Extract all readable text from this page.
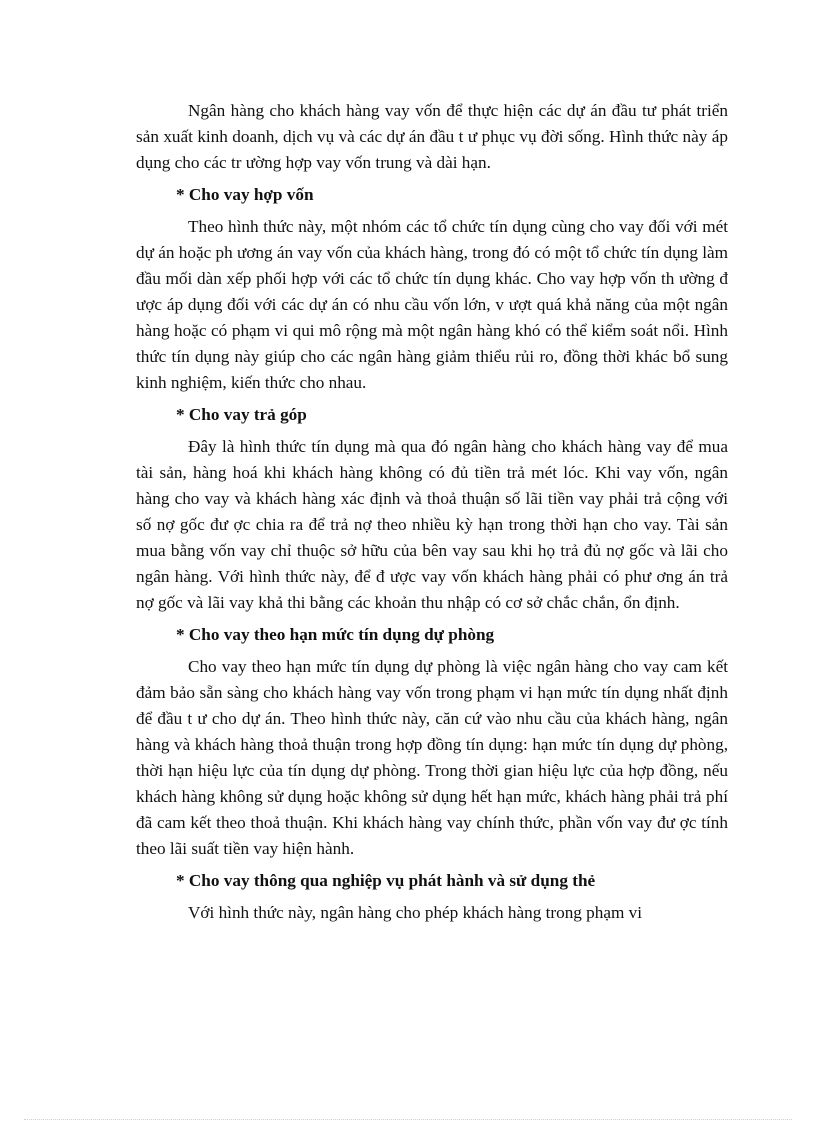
Ngân hàng cho khách hàng vay vốn để thực hiện các dự án đầu tư phát triển sản xuất kinh doanh, dịch vụ và các dự án đầu t ư phục vụ đời sống. Hình thức này áp dụng cho các tr ường hợp vay vốn trung và dài hạn.

* Cho vay hợp vốn

Theo hình thức này, một nhóm các tổ chức tín dụng cùng cho vay đối với mét dự án hoặc ph ương án vay vốn của khách hàng, trong đó có một tổ chức tín dụng làm đầu mối dàn xếp phối hợp với các tổ chức tín dụng khác. Cho vay hợp vốn th ường đ ược áp dụng đối với các dự án có nhu cầu vốn lớn, v ượt quá khả năng của một ngân hàng hoặc có phạm vi qui mô rộng mà một ngân hàng khó có thể kiểm soát nổi. Hình thức tín dụng này giúp cho các ngân hàng giảm thiểu rủi ro, đồng thời khác bổ sung kinh nghiệm, kiến thức cho nhau.

* Cho vay trả góp

Đây là hình thức tín dụng mà qua đó ngân hàng cho khách hàng vay để mua tài sản, hàng hoá khi khách hàng không có đủ tiền trả mét lóc. Khi vay vốn, ngân hàng cho vay và khách hàng xác định và thoả thuận số lãi tiền vay phải trả cộng với số nợ gốc đư ợc chia ra để trả nợ theo nhiều kỳ hạn trong thời hạn cho vay. Tài sản mua bằng vốn vay chỉ thuộc sở hữu của bên vay sau khi họ trả đủ nợ gốc và lãi cho ngân hàng. Với hình thức này, để đ ược vay vốn khách hàng phải có phư ơng án trả nợ gốc và lãi vay khả thi bằng các khoản thu nhập có cơ sở chắc chắn, ổn định.

* Cho vay theo hạn mức tín dụng dự phòng

Cho vay theo hạn mức tín dụng dự phòng là việc ngân hàng cho vay cam kết đảm bảo sẵn sàng cho khách hàng vay vốn trong phạm vi hạn mức tín dụng nhất định để đầu t ư cho dự án. Theo hình thức này, căn cứ vào nhu cầu của khách hàng, ngân hàng và khách hàng thoả thuận trong hợp đồng tín dụng: hạn mức tín dụng dự phòng, thời hạn hiệu lực của tín dụng dự phòng. Trong thời gian hiệu lực của hợp đồng, nếu khách hàng không sử dụng hoặc không sử dụng hết hạn mức, khách hàng phải trả phí đã cam kết theo thoả thuận. Khi khách hàng vay chính thức, phần vốn vay đư ợc tính theo lãi suất tiền vay hiện hành.

* Cho vay thông qua nghiệp vụ phát hành và sử dụng thẻ

Với hình thức này, ngân hàng cho phép khách hàng trong phạm vi
